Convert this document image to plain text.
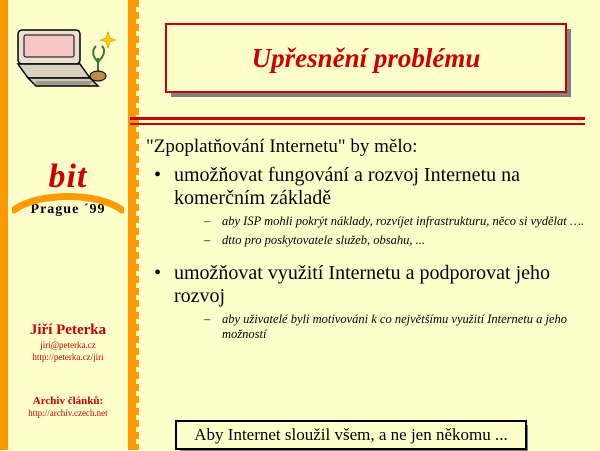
bit
Prague ´99
Jiří Peterka
jiri@peterka.cz
http://peterka.cz/jiri
Archiv článků:
http://archiv.czech.net
Upřesnění problému

"Zpoplatňování Internetu" by mělo:

• umožňovat fungování a rozvoj Internetu na komerčním základě

– aby ISP mohli pokrýt náklady, rozvíjet infrastrukturu, něco si vydělat ….

– dtto pro poskytovatele služeb, obsahu, ...

• umožňovat využití Internetu a podporovat jeho rozvoj

– aby uživatelé byli motivováni k co největšímu využití Internetu a jeho možností

Aby Internet sloužil všem, a ne jen někomu ...
